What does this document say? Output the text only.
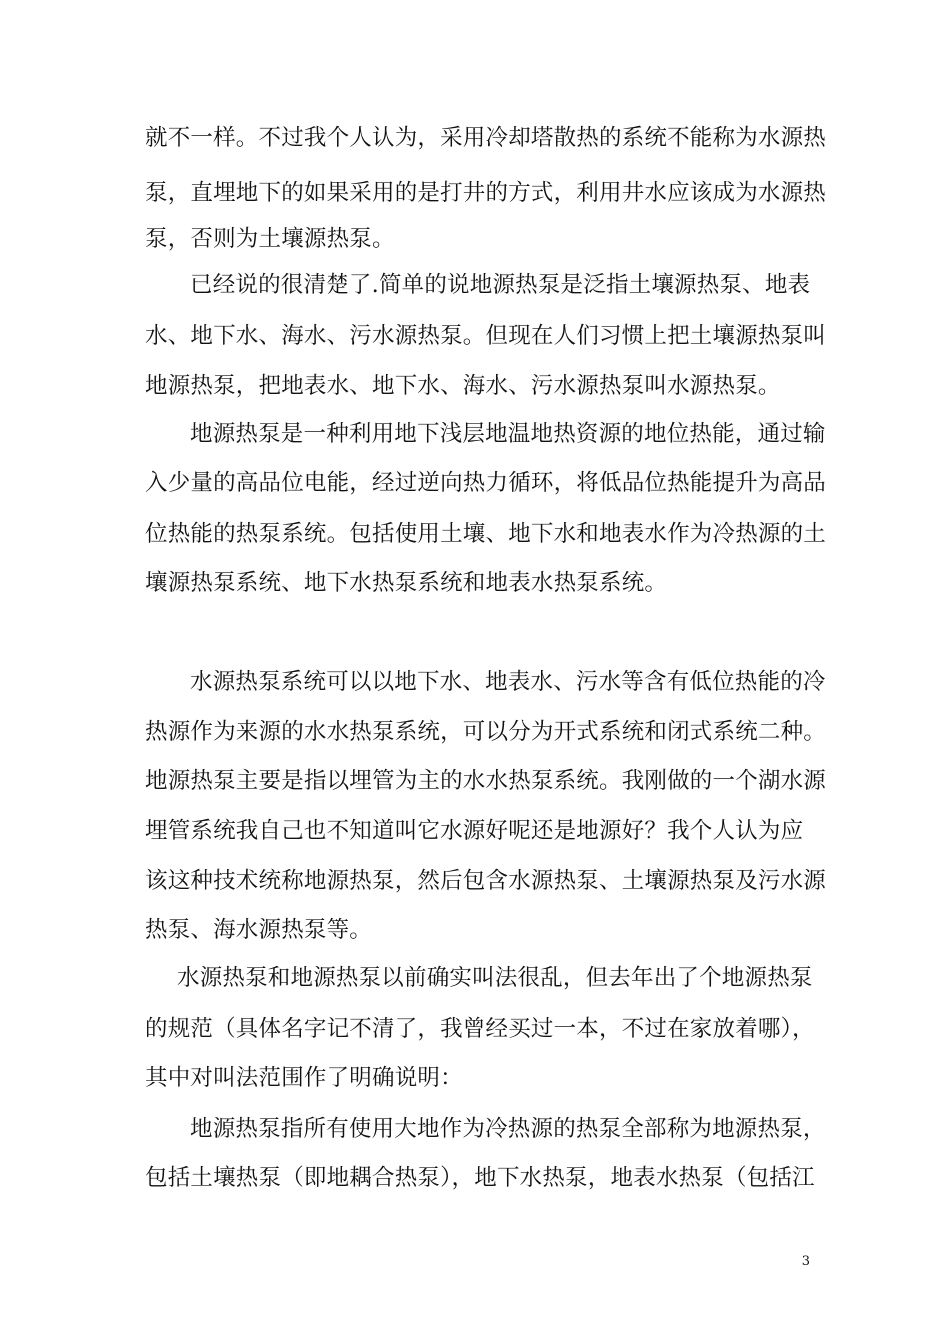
就不一样。不过我个人认为，采用冷却塔散热的系统不能称为水源热
泵，直埋地下的如果采用的是打井的方式，利用井水应该成为水源热
泵，否则为土壤源热泵。
已经说的很清楚了.简单的说地源热泵是泛指土壤源热泵、地表
水、地下水、海水、污水源热泵。但现在人们习惯上把土壤源热泵叫
地源热泵，把地表水、地下水、海水、污水源热泵叫水源热泵。
地源热泵是一种利用地下浅层地温地热资源的地位热能，通过输
入少量的高品位电能，经过逆向热力循环，将低品位热能提升为高品
位热能的热泵系统。包括使用土壤、地下水和地表水作为冷热源的土
壤源热泵系统、地下水热泵系统和地表水热泵系统。
水源热泵系统可以以地下水、地表水、污水等含有低位热能的冷
热源作为来源的水水热泵系统，可以分为开式系统和闭式系统二种。
地源热泵主要是指以埋管为主的水水热泵系统。我刚做的一个湖水源
埋管系统我自己也不知道叫它水源好呢还是地源好？我个人认为应
该这种技术统称地源热泵，然后包含水源热泵、土壤源热泵及污水源
热泵、海水源热泵等。
水源热泵和地源热泵以前确实叫法很乱，但去年出了个地源热泵
的规范（具体名字记不清了，我曾经买过一本，不过在家放着哪），
其中对叫法范围作了明确说明：
地源热泵指所有使用大地作为冷热源的热泵全部称为地源热泵，
包括土壤热泵（即地耦合热泵），地下水热泵，地表水热泵（包括江
3
